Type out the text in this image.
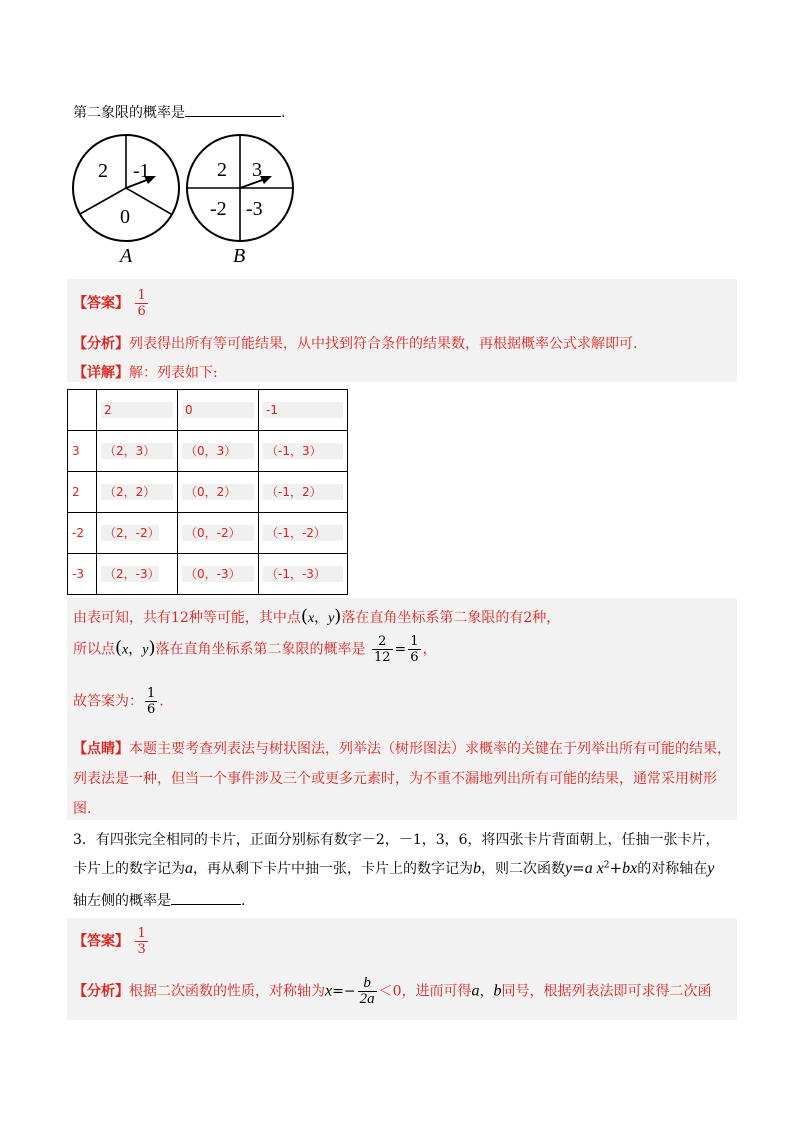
第二象限的概率是	.
2 -1
0
A
2 3
-2 -3
B
【答案】 $\frac{1}{6}$
【分析】列表得出所有等可能结果，从中找到符合条件的结果数，再根据概率公式求解即可.
【详解】解：列表如下:

	2	0	-1

3	（2，3）	（0，3）	（-1，3）

2	（2，2）	（0，2）	（-1，2）

-2	（2，-2）	（0，-2）	（-1，-2）

-3	（2，-3）	（0，-3）	（-1，-3）
由表可知，共有12种等可能，其中点(x，y)落在直角坐标系第二象限的有2种，
所以点(x，y)落在直角坐标系第二象限的概率是 $\frac{2}{12} = \frac{1}{6}$ ，
故答案为： $\frac{1}{6}$ .
【点睛】本题主要考查列表法与树状图法，列举法（树形图法）求概率的关键在于列举出所有可能的结果，
列表法是一种，但当一个事件涉及三个或更多元素时，为不重不漏地列出所有可能的结果，通常采用树形
图.
3．有四张完全相同的卡片，正面分别标有数字－2，－1，3，6，将四张卡片背面朝上，任抽一张卡片，
卡片上的数字记为a，再从剩下卡片中抽一张，卡片上的数字记为b，则二次函数y=a $x^2+bx$的对称轴在y
轴左侧的概率是	.
【答案】 $\frac{1}{3}$
【分析】根据二次函数的性质，对称轴为$x=- \frac{b}{2a} <0$，进而可得a，b同号，根据列表法即可求得二次函
